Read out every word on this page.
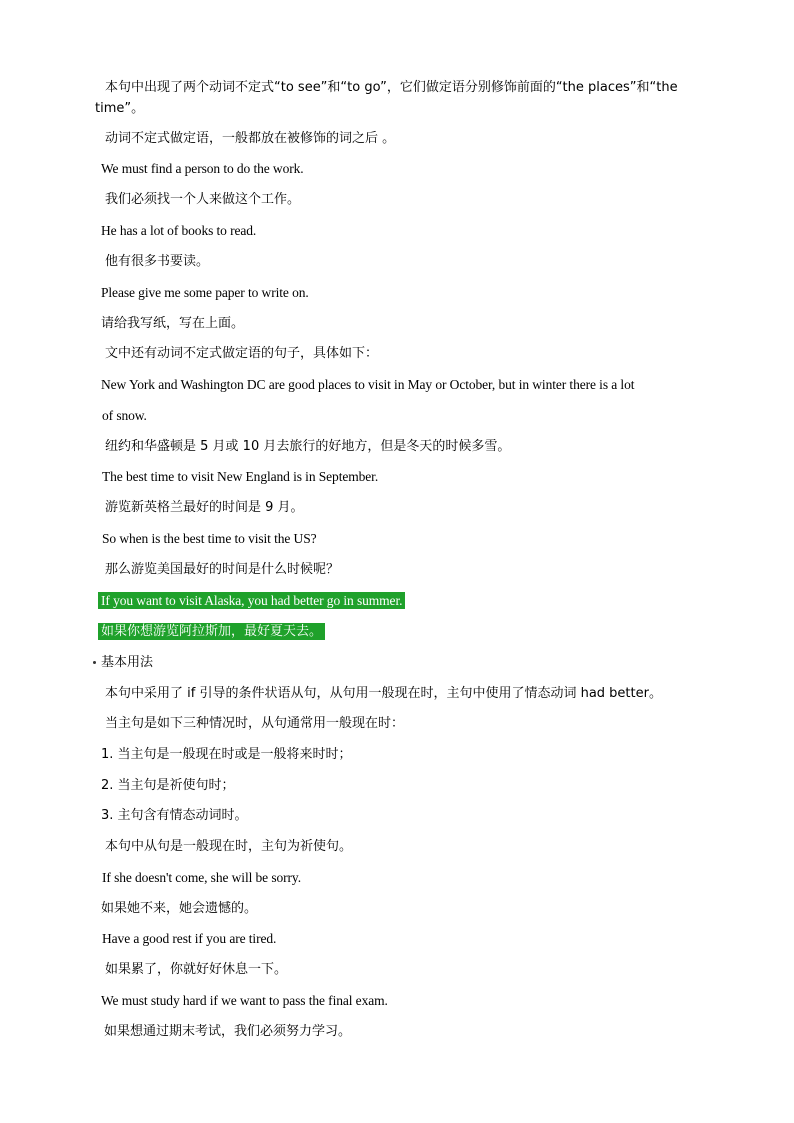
本句中出现了两个动词不定式“to see”和“to go”，它们做定语分别修饰前面的“the places”和“the time”。
动词不定式做定语，一般都放在被修饰的词之后 。
We must find a person to do the work.
我们必须找一个人来做这个工作。
He has a lot of books to read.
他有很多书要读。
Please give me some paper to write on.
请给我写纸，写在上面。
文中还有动词不定式做定语的句子，具体如下：
New York and Washington DC are good places to visit in May or October, but in winter there is a lot
of snow.
纽约和华盛顿是 5 月或 10 月去旅行的好地方，但是冬天的时候多雪。
The best time to visit New England is in September.
游览新英格兰最好的时间是 9 月。
So when is the best time to visit the US?
那么游览美国最好的时间是什么时候呢？
If you want to visit Alaska, you had better go in summer.
如果你想游览阿拉斯加，最好夏天去。
基本用法
本句中采用了 if 引导的条件状语从句，从句用一般现在时，主句中使用了情态动词 had better。
当主句是如下三种情况时，从句通常用一般现在时：
1. 当主句是一般现在时或是一般将来时时；
2. 当主句是祈使句时；
3. 主句含有情态动词时。
本句中从句是一般现在时，主句为祈使句。
If she doesn't come, she will be sorry.
如果她不来，她会遗憾的。
Have a good rest if you are tired.
如果累了，你就好好休息一下。
We must study hard if we want to pass the final exam.
如果想通过期末考试，我们必须努力学习。
